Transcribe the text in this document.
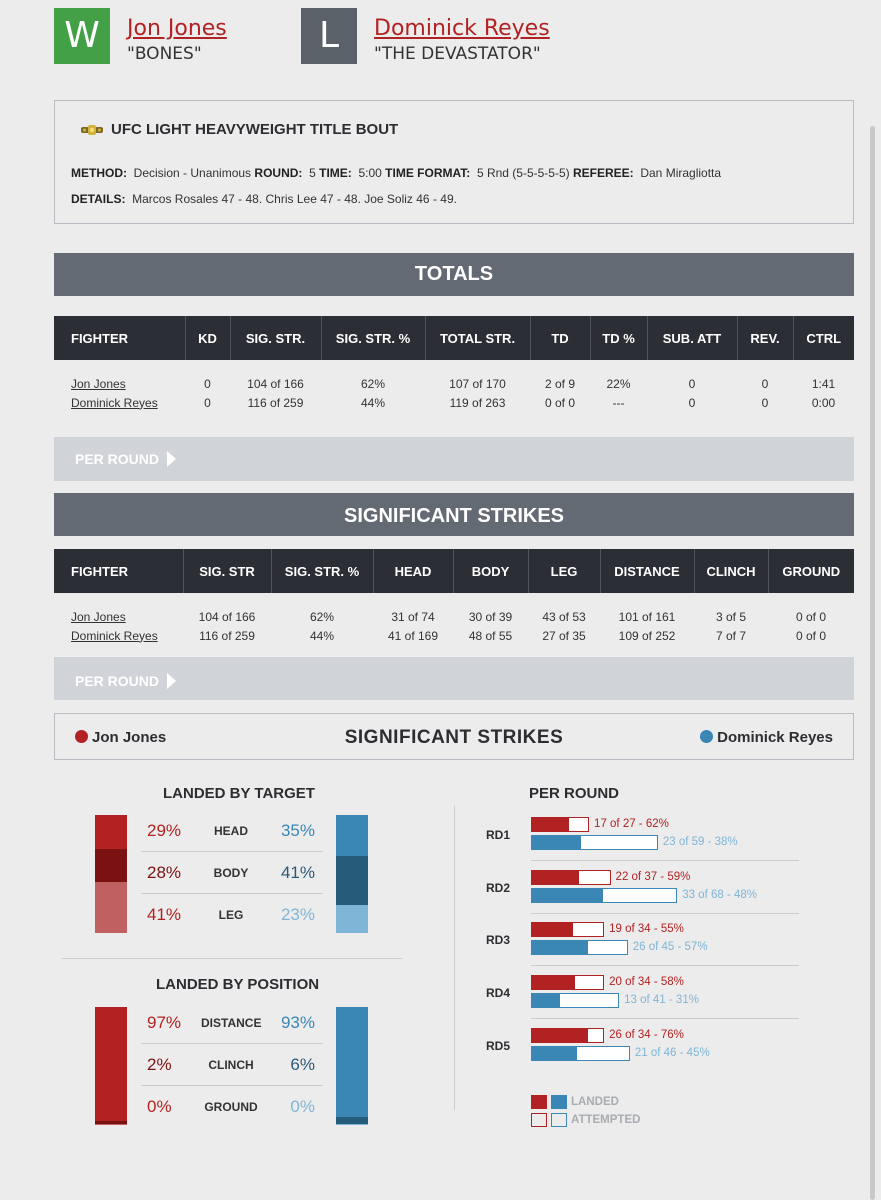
W	Jon Jones
"BONES"	L	Dominick Reyes
"THE DEVASTATOR"
UFC LIGHT HEAVYWEIGHT TITLE BOUT
METHOD: Decision - Unanimous ROUND: 5 TIME: 5:00 TIME FORMAT: 5 Rnd (5-5-5-5-5) REFEREE: Dan Miragliotta
DETAILS: Marcos Rosales 47 - 48. Chris Lee 47 - 48. Joe Soliz 46 - 49.
TOTALS
FIGHTER	KD	SIG. STR.	SIG. STR. %	TOTAL STR.	TD	TD %	SUB. ATT	REV.	CTRL
Jon Jones	0	104 of 166	62%	107 of 170	2 of 9	22%	0	0	1:41
Dominick Reyes	0	116 of 259	44%	119 of 263	0 of 0	---	0	0	0:00
PER ROUND
SIGNIFICANT STRIKES
FIGHTER	SIG. STR	SIG. STR. %	HEAD	BODY	LEG	DISTANCE	CLINCH	GROUND
Jon Jones	104 of 166	62%	31 of 74	30 of 39	43 of 53	101 of 161	3 of 5	0 of 0
Dominick Reyes	116 of 259	44%	41 of 169	48 of 55	27 of 35	109 of 252	7 of 7	0 of 0
PER ROUND
Jon Jones	SIGNIFICANT STRIKES	Dominick Reyes
LANDED BY TARGET
29%	HEAD	35%
28%	BODY	41%
41%	LEG	23%
LANDED BY POSITION
97%	DISTANCE	93%
2%	CLINCH	6%
0%	GROUND	0%
PER ROUND
RD1
17 of 27 - 62%
23 of 59 - 38%
RD2
22 of 37 - 59%
33 of 68 - 48%
RD3
19 of 34 - 55%
26 of 45 - 57%
RD4
20 of 34 - 58%
13 of 41 - 31%
RD5
26 of 34 - 76%
21 of 46 - 45%
LANDED
ATTEMPTED
